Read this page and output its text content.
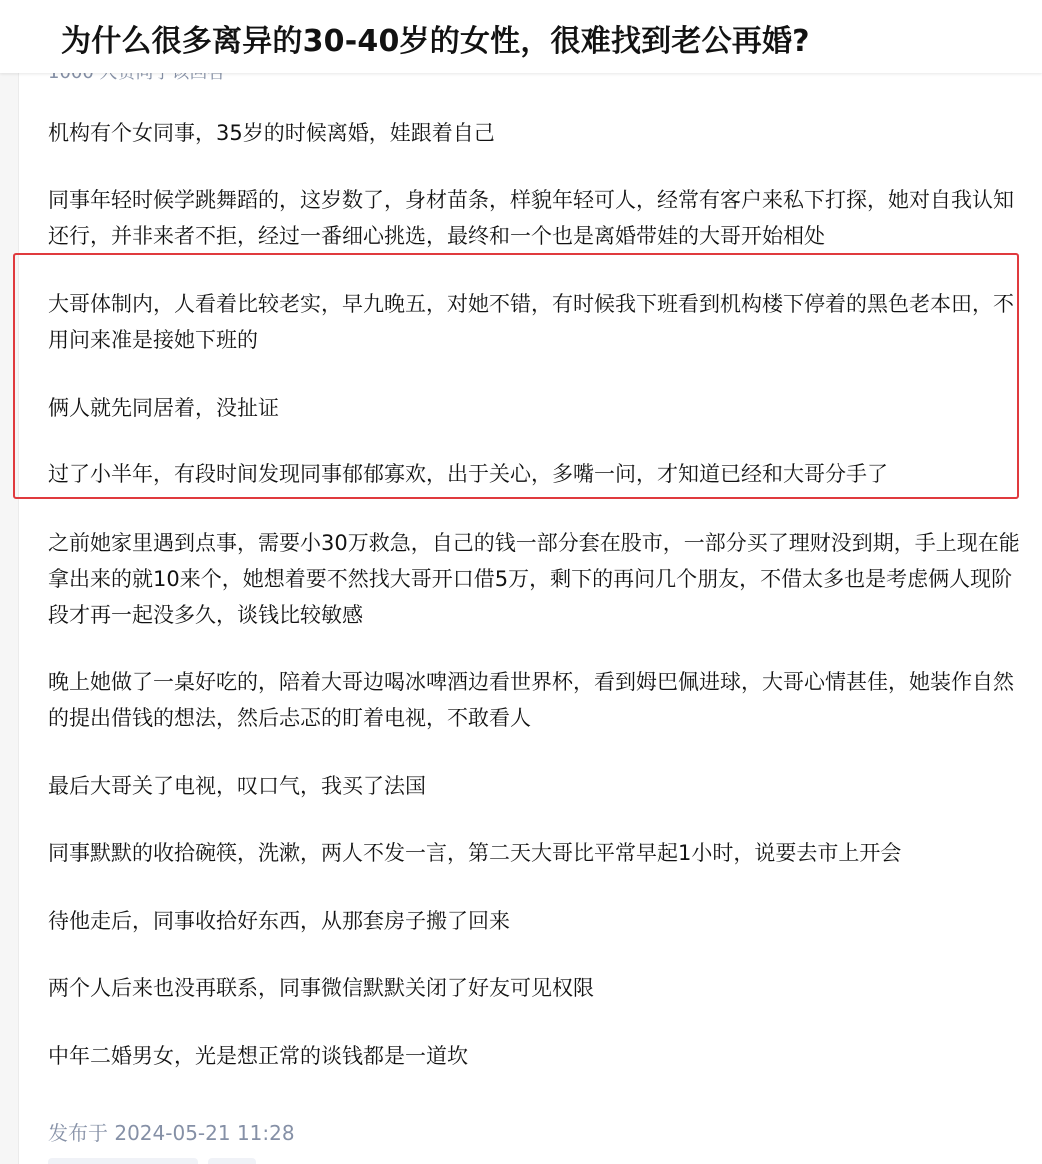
为什么很多离异的30-40岁的女性，很难找到老公再婚?

机构有个女同事，35岁的时候离婚，娃跟着自己

同事年轻时候学跳舞蹈的，这岁数了，身材苗条，样貌年轻可人，经常有客户来私下打探，她对自我认知还行，并非来者不拒，经过一番细心挑选，最终和一个也是离婚带娃的大哥开始相处

大哥体制内，人看着比较老实，早九晚五，对她不错，有时候我下班看到机构楼下停着的黑色老本田，不用问来准是接她下班的

俩人就先同居着，没扯证

过了小半年，有段时间发现同事郁郁寡欢，出于关心，多嘴一问，才知道已经和大哥分手了

之前她家里遇到点事，需要小30万救急，自己的钱一部分套在股市，一部分买了理财没到期，手上现在能拿出来的就10来个，她想着要不然找大哥开口借5万，剩下的再问几个朋友，不借太多也是考虑俩人现阶段才再一起没多久，谈钱比较敏感

晚上她做了一桌好吃的，陪着大哥边喝冰啤酒边看世界杯，看到姆巴佩进球，大哥心情甚佳，她装作自然的提出借钱的想法，然后忐忑的盯着电视，不敢看人

最后大哥关了电视，叹口气，我买了法国

同事默默的收拾碗筷，洗漱，两人不发一言，第二天大哥比平常早起1小时，说要去市上开会

待他走后，同事收拾好东西，从那套房子搬了回来

两个人后来也没再联系，同事微信默默关闭了好友可见权限

中年二婚男女，光是想正常的谈钱都是一道坎

发布于 2024-05-21 11:28
